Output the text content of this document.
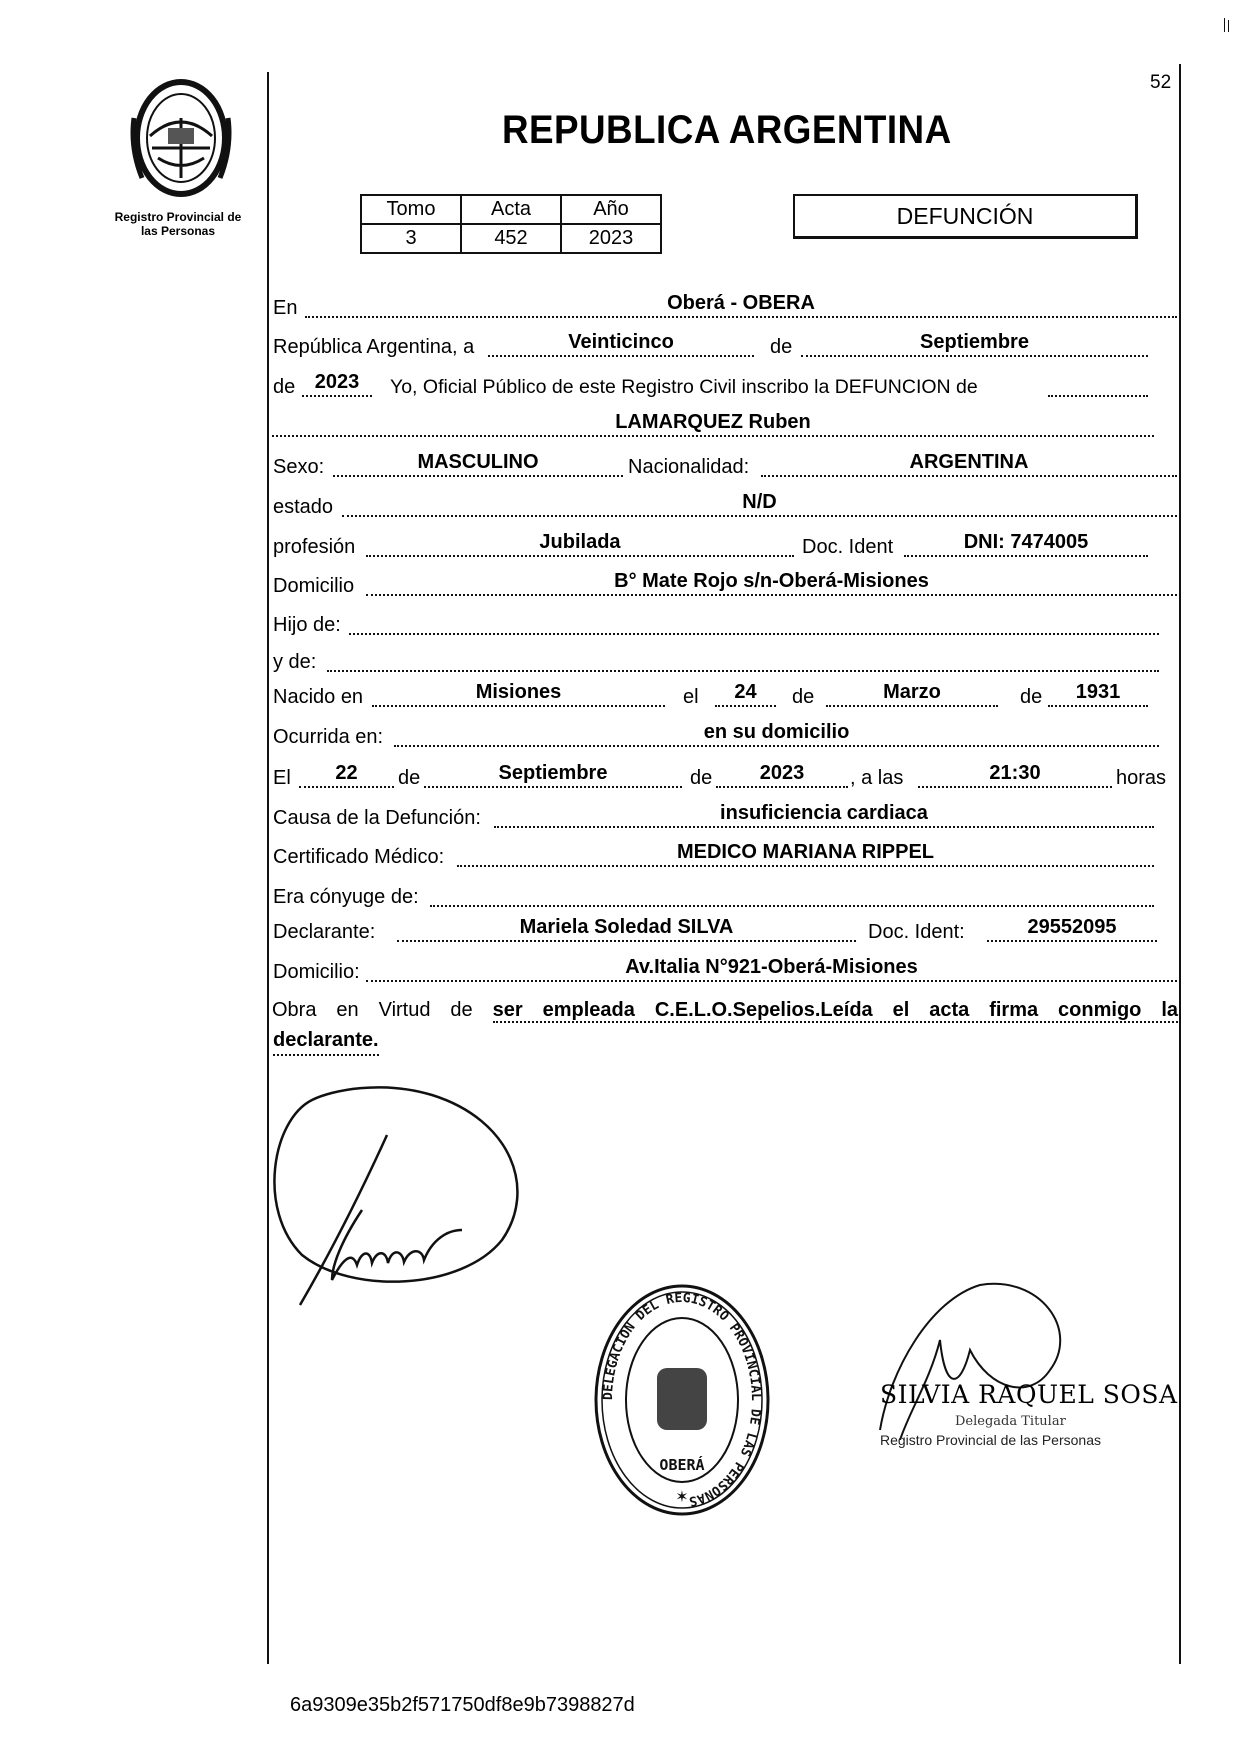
Registro Provincial de
las Personas
52
REPUBLICA ARGENTINA
Tomo	Acta	Año
3	452	2023
DEFUNCIÓN
En	Oberá - OBERA
República Argentina, a	Veinticinco	de	Septiembre
de 2023	Yo, Oficial Público de este Registro Civil inscribo la DEFUNCION de
LAMARQUEZ Ruben
Sexo:	MASCULINO	Nacionalidad:	ARGENTINA
estado	N/D
profesión	Jubilada	Doc. Ident	DNI: 7474005
Domicilio	B° Mate Rojo s/n-Oberá-Misiones
Hijo de:
y de:
Nacido en	Misiones	el	24	de	Marzo	de	1931
Ocurrida en:	en su domicilio
El	22	de	Septiembre	de	2023	, a las	21:30	horas
Causa de la Defunción:	insuficiencia cardiaca
Certificado Médico:	MEDICO MARIANA RIPPEL
Era cónyuge de:
Declarante:	Mariela Soledad SILVA	Doc. Ident:	29552095
Domicilio:	Av.Italia N°921-Oberá-Misiones
Obra en Virtud de ser empleada C.E.L.O.Sepelios.Leída el acta firma conmigo la
declarante.
DELEGACION DEL REGISTRO PROVINCIAL DE LAS PERSONAS
OBERÁ
✶
SILVIA RAQUEL SOSA
Delegada Titular
Registro Provincial de las Personas
6a9309e35b2f571750df8e9b7398827d
